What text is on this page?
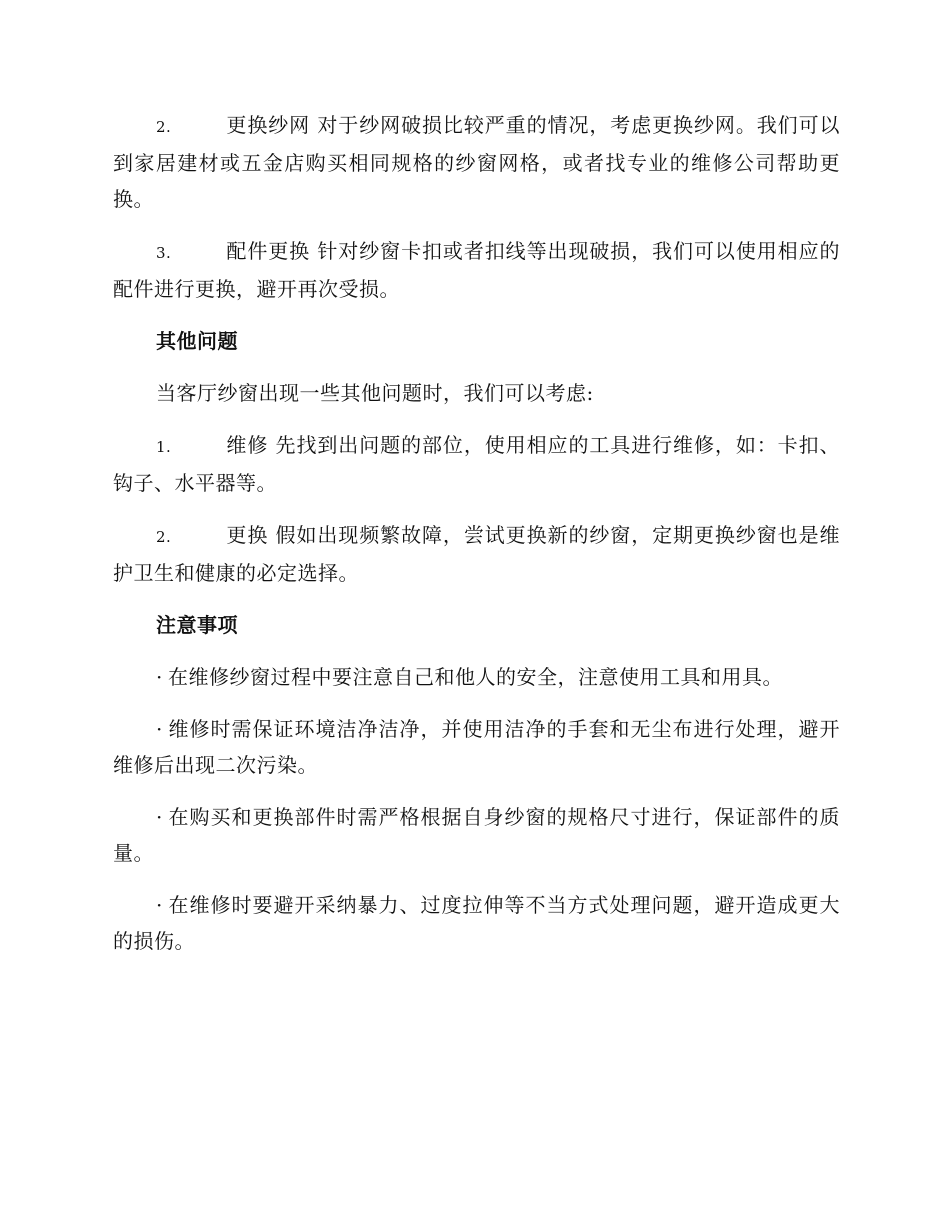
2.	更换纱网 对于纱网破损比较严重的情况，考虑更换纱网。我们可以到家居建材或五金店购买相同规格的纱窗网格，或者找专业的维修公司帮助更换。

3.	配件更换 针对纱窗卡扣或者扣线等出现破损，我们可以使用相应的配件进行更换，避开再次受损。

其他问题

当客厅纱窗出现一些其他问题时，我们可以考虑:

1.	维修 先找到出问题的部位，使用相应的工具进行维修，如：卡扣、钩子、水平器等。

2.	更换 假如出现频繁故障，尝试更换新的纱窗，定期更换纱窗也是维护卫生和健康的必定选择。

注意事项

· 在维修纱窗过程中要注意自己和他人的安全，注意使用工具和用具。

· 维修时需保证环境洁净洁净，并使用洁净的手套和无尘布进行处理，避开维修后出现二次污染。

· 在购买和更换部件时需严格根据自身纱窗的规格尺寸进行，保证部件的质量。

· 在维修时要避开采纳暴力、过度拉伸等不当方式处理问题，避开造成更大的损伤。
